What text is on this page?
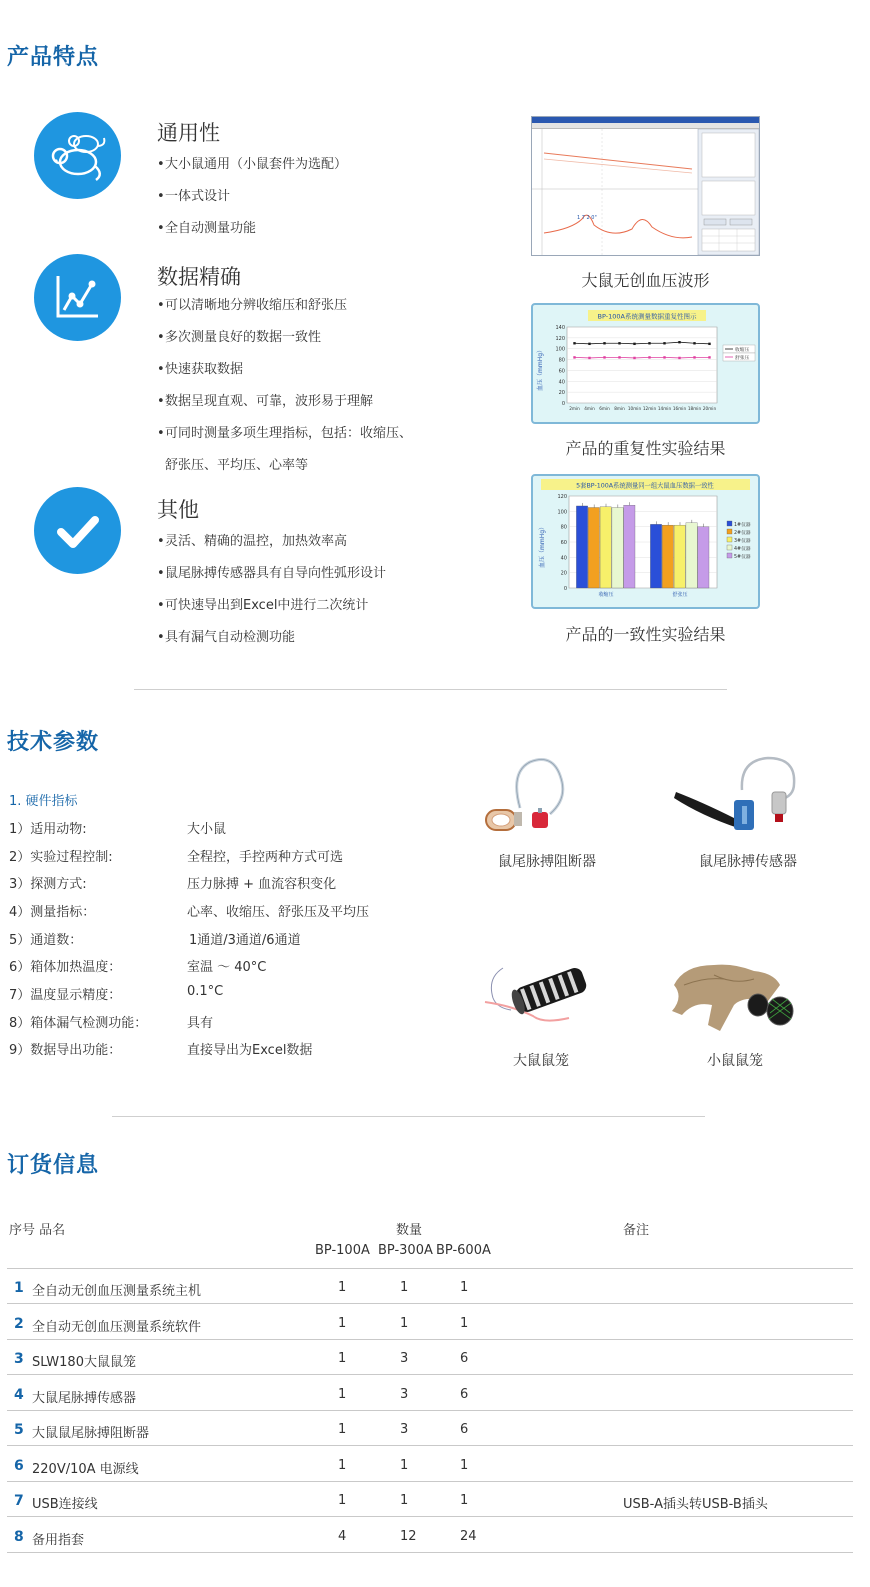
产品特点
通用性
•大小鼠通用（小鼠套件为选配）
•一体式设计
•全自动测量功能
数据精确
•可以清晰地分辨收缩压和舒张压
•多次测量良好的数据一致性
•快速获取数据
•数据呈现直观、可靠，波形易于理解
•可同时测量多项生理指标，包括：收缩压、
舒张压、平均压、心率等
其他
•灵活、精确的温控，加热效率高
•鼠尾脉搏传感器具有自导向性弧形设计
•可快速导出到Excel中进行二次统计
•具有漏气自动检测功能
1 7 2 0"
大鼠无创血压波形
BP-100A系统测量数据重复性图示
血压（mmHg）
140
120
100
80
60
40
20
0
2min 4min 6min 8min 10min 12min 14min 16min 18min 20min
收缩压
舒张压
产品的重复性实验结果
5套BP-100A系统测量同一组大鼠血压数据一致性
血压（mmHg）
120
100
80
60
40
20
0
收缩压	舒张压
1#仪器
2#仪器
3#仪器
4#仪器
5#仪器
产品的一致性实验结果
技术参数
1. 硬件指标
1）适用动物:	大小鼠
2）实验过程控制:	全程控，手控两种方式可选
3）探测方式:	压力脉搏 + 血流容积变化
4）测量指标：	心率、收缩压、舒张压及平均压
5）通道数：	1通道/3通道/6通道
6）箱体加热温度：	室温 ～ 40°C
7）温度显示精度：	0.1°C
8）箱体漏气检测功能：	具有
9）数据导出功能：	直接导出为Excel数据
鼠尾脉搏阻断器	鼠尾脉搏传感器
大鼠鼠笼	小鼠鼠笼
订货信息
序号 品名	数量	备注
BP-100A BP-300A BP-600A
1 全自动无创血压测量系统主机	1	1	1
2 全自动无创血压测量系统软件	1	1	1
3 SLW180大鼠鼠笼	1	3	6
4 大鼠尾脉搏传感器	1	3	6
5 大鼠鼠尾脉搏阻断器	1	3	6
6 220V/10A 电源线	1	1	1
7 USB连接线	1	1	1	USB-A插头转USB-B插头
8 备用指套	4	12	24
